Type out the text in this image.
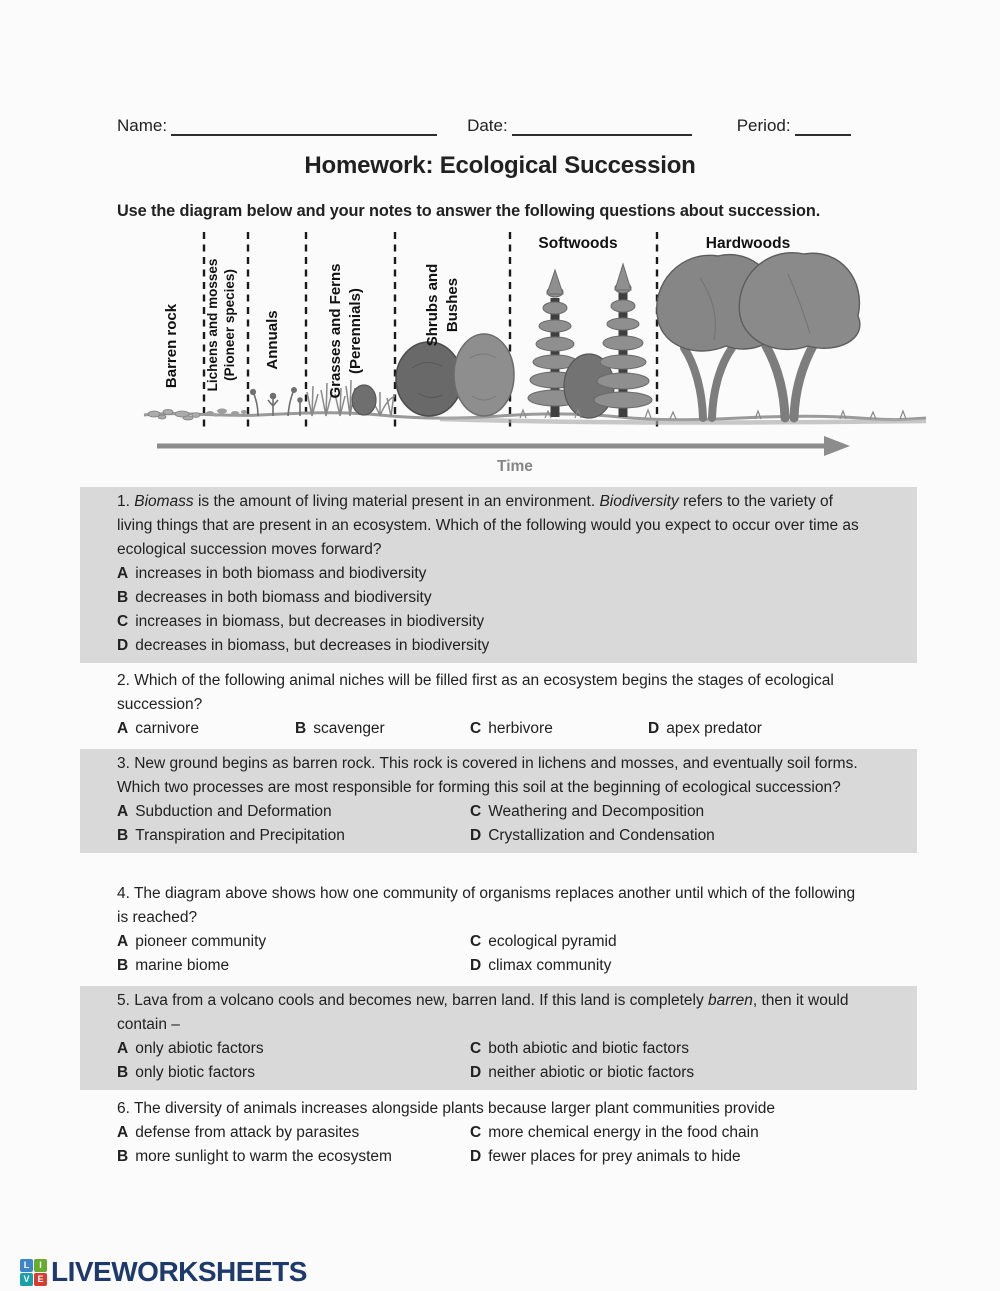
Name:	Date:	Period:
Homework: Ecological Succession
Use the diagram below and your notes to answer the following questions about succession.
Barren rock Lichens and mosses (Pioneer species) Annuals	Grasses and Ferns (Perennials)	Shrubs and Bushes
Softwoods	Hardwoods
Time

1. Biomass is the amount of living material present in an environment. Biodiversity refers to the variety of living things that are present in an ecosystem. Which of the following would you expect to occur over time as ecological succession moves forward?

A increases in both biomass and biodiversity
B decreases in both biomass and biodiversity
C increases in biomass, but decreases in biodiversity
D decreases in biomass, but decreases in biodiversity

2. Which of the following animal niches will be filled first as an ecosystem begins the stages of ecological succession?

A carnivore	B scavenger	C herbivore	D apex predator

3. New ground begins as barren rock. This rock is covered in lichens and mosses, and eventually soil forms. Which two processes are most responsible for forming this soil at the beginning of ecological succession?

A Subduction and Deformation	C Weathering and Decomposition
B Transpiration and Precipitation	D Crystallization and Condensation

4. The diagram above shows how one community of organisms replaces another until which of the following is reached?

A pioneer community	C ecological pyramid
B marine biome	D climax community

5. Lava from a volcano cools and becomes new, barren land. If this land is completely barren, then it would contain –

A only abiotic factors	C both abiotic and biotic factors
B only biotic factors	D neither abiotic or biotic factors

6. The diversity of animals increases alongside plants because larger plant communities provide

A defense from attack by parasites	C more chemical energy in the food chain
B more sunlight to warm the ecosystem	D fewer places for prey animals to hide
L	I
V E LIVEWORKSHEETS
